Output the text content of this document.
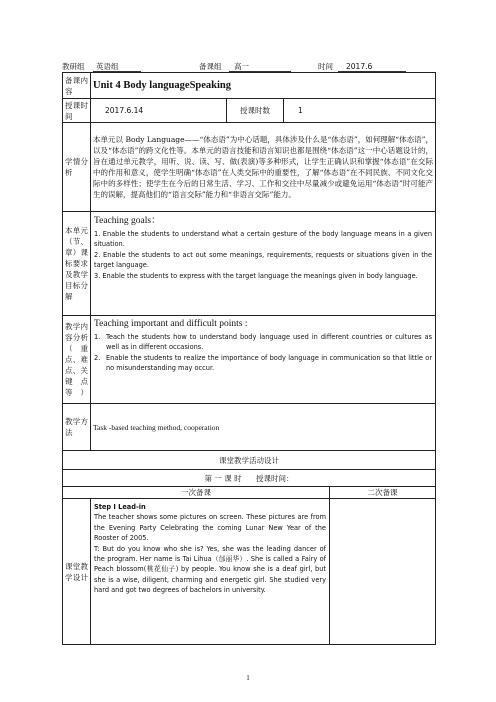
教研组	英语组	备课组	高一	时间	2017.6
备课内容	Unit 4 Body languageSpeaking			
授课时间	2017.6.14	授课时数	1	
学情分析	本单元以 Body Language——“体态语”为中心话题，具体涉及什么是“体态语”，如何理解“体态语”，以及“体态语”的跨文化性等。本单元的语言技能和语言知识也都是围绕“体态语”这一中心话题设计的，旨在通过单元教学，用听、说、读、写、做(表演)等多种形式，让学生正确认识和掌握“体态语”在交际中的作用和意义，使学生明确“体态语”在人类交际中的重要性，了解“体态语”在不同民族、不同文化交际中的多样性；使学生在今后的日常生活、学习、工作和交往中尽量减少或避免运用“体态语”时可能产生的误解，提高他们的“语言交际”能力和“非语言交际”能力。			
本单元（节、章）课标要求及教学目标分解	Teaching goals：

1. Enable the students to understand what a certain gesture of the body language means in a given situation.

2. Enable the students to act out some meanings, requirements, requests or situations given in the target language.

3. Enable the students to express with the target language the meanings given in body language.			

教学内容分析（重点、难点、关键点等）	Teaching important and difficult points :
1. Teach the students how to understand body language used in different countries or cultures as well as in different occasions.
2. Enable the students to realize the importance of body language in communication so that little or no misunderstanding may occur.			

教学方法	Task -based teaching method, cooperation			
课堂教学活动设计				
第 一 课 时      授课时间：				
一次备课				二次备课
课堂教学设计	Step I Lead-in

The teacher shows some pictures on screen. These pictures are from the Evening Party Celebrating the coming Lunar New Year of the Rooster of 2005.

T: But do you know who she is? Yes, she was the leading dancer of the program. Her name is Tai Lihua（邰丽华）. She is called a Fairy of Peach blossom(桃花仙子) by people. You know she is a deaf girl, but she is a wise, diligent, charming and energetic girl. She studied very hard and got two degrees of bachelors in university.			

1
